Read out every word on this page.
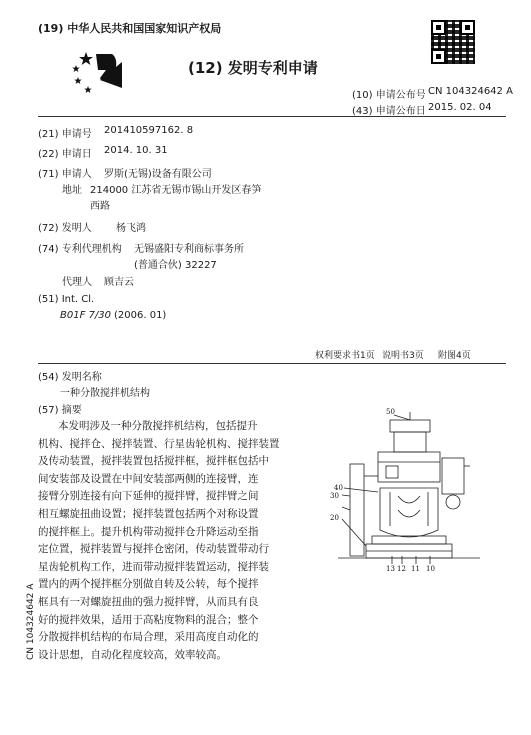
(19) 中华人民共和国国家知识产权局
(12) 发明专利申请
(10) 申请公布号 CN 104324642 A
(43) 申请公布日 2015. 02. 04
(21) 申请号 201410597162. 8
(22) 申请日 2014. 10. 31
(71) 申请人 罗斯(无锡)设备有限公司
地址 214000 江苏省无锡市锡山开发区春笋
西路
(72) 发明人 杨飞鸿
(74) 专利代理机构 无锡盛阳专利商标事务所
(普通合伙) 32227
代理人 顾吉云
(51) Int. Cl.
B01F 7/30 (2006. 01)
权利要求书1页 说明书3页 附图4页
(54) 发明名称
一种分散搅拌机结构
(57) 摘要

本发明涉及一种分散搅拌机结构，包括提升

机构、搅拌仓、搅拌装置、行星齿轮机构、搅拌装置

及传动装置，搅拌装置包括搅拌框，搅拌框包括中

间安装部及设置在中间安装部两侧的连接臂，连

接臂分别连接有向下延伸的搅拌臂，搅拌臂之间

相互螺旋扭曲设置；搅拌装置包括两个对称设置

的搅拌框上。提升机构带动搅拌仓升降运动至指

定位置，搅拌装置与搅拌仓密闭，传动装置带动行

星齿轮机构工作，进而带动搅拌装置运动，搅拌装

置内的两个搅拌框分别做自转及公转，每个搅拌

框具有一对螺旋扭曲的强力搅拌臂，从而具有良

好的搅拌效果，适用于高粘度物料的混合；整个

分散搅拌机结构的布局合理，采用高度自动化的

设计思想，自动化程度较高，效率较高。

50
40
30
20
13 12 11 10
CN 104324642 A
